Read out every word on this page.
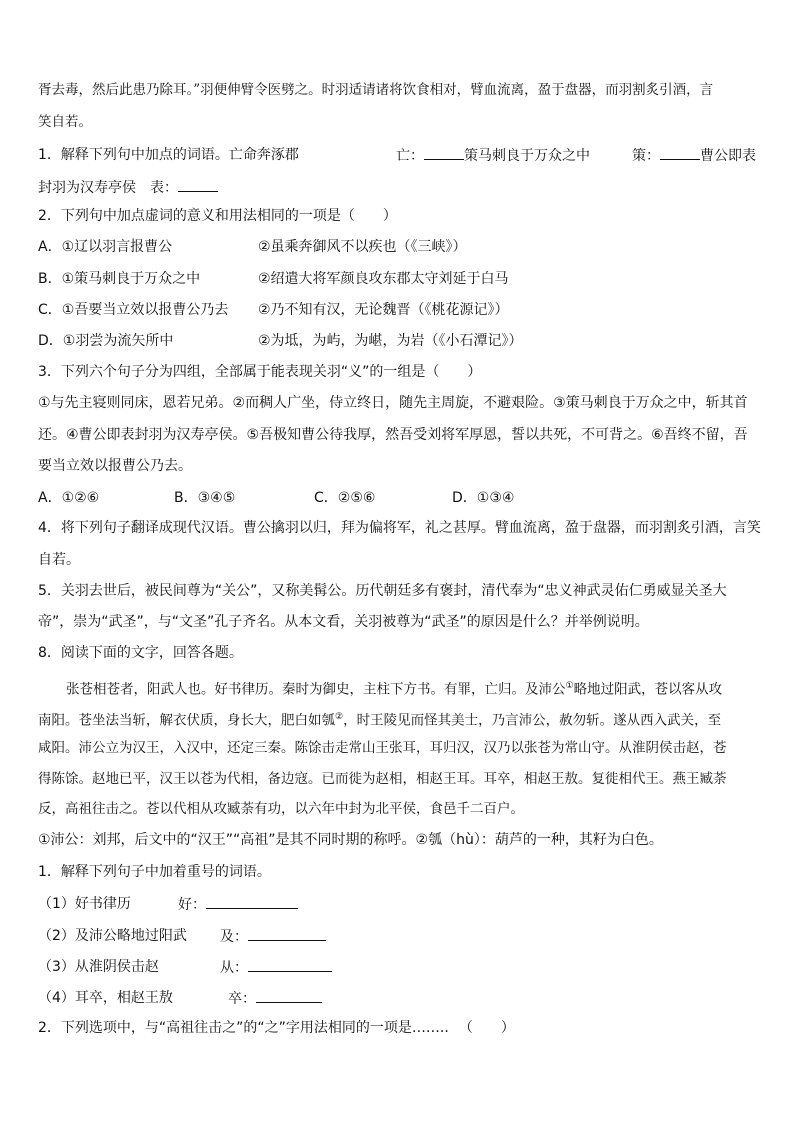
胥去毒，然后此患乃除耳。”羽便伸臂令医劈之。时羽适请诸将饮食相对，臂血流离，盈于盘器，而羽割炙引酒，言
笑自若。
1．解释下列句中加点的词语。亡命奔涿郡	亡：	策马刺良于万众之中	策：	曹公即表
封羽为汉寿亭侯　表：
2．下列句中加点虚词的意义和用法相同的一项是（　　）
A．①辽以羽言报曹公	②虽乘奔御风不以疾也（《三峡》）
B．①策马刺良于万众之中	②绍遣大将军颜良攻东郡太守刘延于白马
C．①吾要当立效以报曹公乃去 ②乃不知有汉，无论魏晋（《桃花源记》）
D．①羽尝为流矢所中	②为坻，为屿，为嵁，为岩（《小石潭记》）
3．下列六个句子分为四组，全部属于能表现关羽“义”的一组是（　　）
①与先主寝则同床，恩若兄弟。②而稠人广坐，侍立终日，随先主周旋，不避艰险。③策马刺良于万众之中，斩其首
还。④曹公即表封羽为汉寿亭侯。⑤吾极知曹公待我厚，然吾受刘将军厚恩，誓以共死，不可背之。⑥吾终不留，吾
要当立效以报曹公乃去。
A．①②⑥	B．③④⑤	C．②⑤⑥	D．①③④
4．将下列句子翻译成现代汉语。曹公擒羽以归，拜为偏将军，礼之甚厚。臂血流离，盈于盘器，而羽割炙引酒，言笑
自若。
5．关羽去世后，被民间尊为“关公”，又称美髯公。历代朝廷多有褒封，清代奉为“忠义神武灵佑仁勇威显关圣大
帝”，崇为“武圣”，与“文圣”孔子齐名。从本文看，关羽被尊为“武圣”的原因是什么？并举例说明。
8．阅读下面的文字，回答各题。
张苍相苍者，阳武人也。好书律历。秦时为御史，主柱下方书。有罪，亡归。及沛公①略地过阳武，苍以客从攻
南阳。苍坐法当斩，解衣伏质，身长大，肥白如瓠②，时王陵见而怪其美士，乃言沛公，赦勿斩。遂从西入武关，至
咸阳。沛公立为汉王，入汉中，还定三秦。陈馀击走常山王张耳，耳归汉，汉乃以张苍为常山守。从淮阴侯击赵，苍
得陈馀。赵地已平，汉王以苍为代相，备边寇。已而徙为赵相，相赵王耳。耳卒，相赵王敖。复徙相代王。燕王臧荼
反，高祖往击之。苍以代相从攻臧荼有功，以六年中封为北平侯，食邑千二百户。
①沛公：刘邦，后文中的“汉王”“高祖”是其不同时期的称呼。②瓠（hù）：葫芦的一种，其籽为白色。
1．解释下列句子中加着重号的词语。
（1）好书律历	好：
（2）及沛公略地过阳武 及：
（3）从淮阴侯击赵	从：
（4）耳卒，相赵王敖	卒：
2．下列选项中，与“高祖往击之”的“之”字用法相同的一项是…….. （　　）
